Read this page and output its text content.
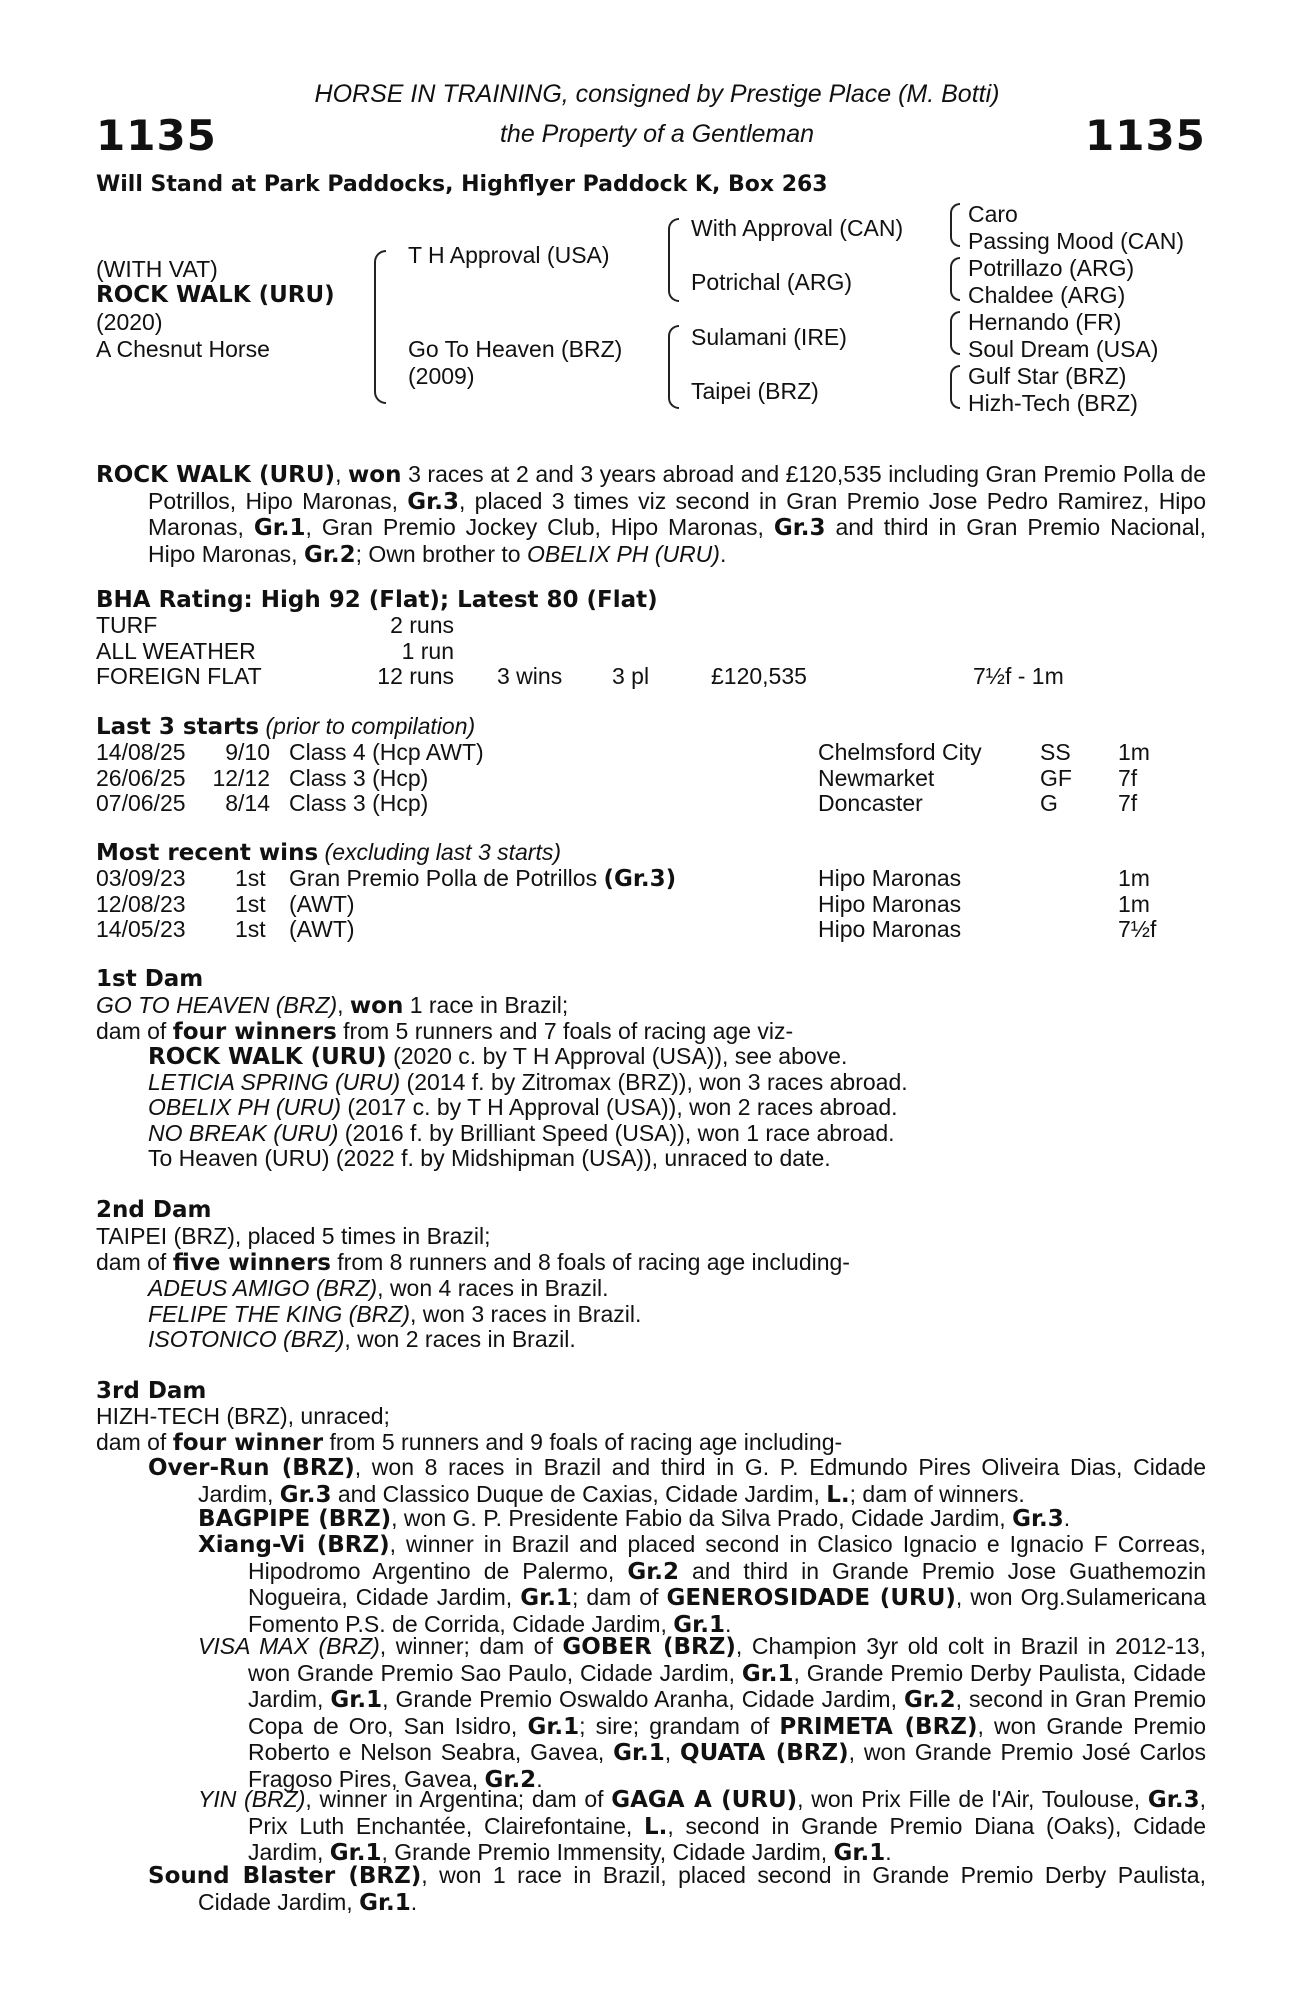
1135	1135
HORSE IN TRAINING, consigned by Prestige Place (M. Botti)
the Property of a Gentleman
Will Stand at Park Paddocks, Highflyer Paddock K, Box 263
(WITH VAT)
ROCK WALK (URU)
(2020)
A Chesnut Horse
T H Approval (USA)
Go To Heaven (BRZ)
(2009)
With Approval (CAN)
Potrichal (ARG)
Sulamani (IRE)
Taipei (BRZ)
Caro
Passing Mood (CAN)
Potrillazo (ARG)
Chaldee (ARG)
Hernando (FR)
Soul Dream (USA)
Gulf Star (BRZ)
Hizh-Tech (BRZ)
ROCK WALK (URU), won 3 races at 2 and 3 years abroad and £120,535 including Gran Premio Polla de Potrillos, Hipo Maronas, Gr.3, placed 3 times viz second in Gran Premio Jose Pedro Ramirez, Hipo Maronas, Gr.1, Gran Premio Jockey Club, Hipo Maronas, Gr.3 and third in Gran Premio Nacional, Hipo Maronas, Gr.2; Own brother to OBELIX PH (URU).
BHA Rating: High 92 (Flat); Latest 80 (Flat)
TURF	2 runs
ALL WEATHER	1 run
FOREIGN FLAT	12 runs 3 wins 3 pl	£120,535	7½f - 1m
Last 3 starts (prior to compilation)
14/08/25	9/10 Class 4 (Hcp AWT)	Chelmsford City	SS 1m
26/06/25	12/12 Class 3 (Hcp)	Newmarket	GF 7f
07/06/25	8/14 Class 3 (Hcp)	Doncaster	G	7f
Most recent wins (excluding last 3 starts)
03/09/23 1st Gran Premio Polla de Potrillos (Gr.3)	Hipo Maronas	1m
12/08/23 1st (AWT)	Hipo Maronas	1m
14/05/23 1st (AWT)	Hipo Maronas	7½f
1st Dam
GO TO HEAVEN (BRZ), won 1 race in Brazil;
dam of four winners from 5 runners and 7 foals of racing age viz-
ROCK WALK (URU) (2020 c. by T H Approval (USA)), see above.
LETICIA SPRING (URU) (2014 f. by Zitromax (BRZ)), won 3 races abroad.
OBELIX PH (URU) (2017 c. by T H Approval (USA)), won 2 races abroad.
NO BREAK (URU) (2016 f. by Brilliant Speed (USA)), won 1 race abroad.
To Heaven (URU) (2022 f. by Midshipman (USA)), unraced to date.
2nd Dam
TAIPEI (BRZ), placed 5 times in Brazil;
dam of five winners from 8 runners and 8 foals of racing age including-
ADEUS AMIGO (BRZ), won 4 races in Brazil.
FELIPE THE KING (BRZ), won 3 races in Brazil.
ISOTONICO (BRZ), won 2 races in Brazil.
3rd Dam
HIZH-TECH (BRZ), unraced;
dam of four winner from 5 runners and 9 foals of racing age including-
Over-Run (BRZ), won 8 races in Brazil and third in G. P. Edmundo Pires Oliveira Dias, Cidade Jardim, Gr.3 and Classico Duque de Caxias, Cidade Jardim, L.; dam of winners.
BAGPIPE (BRZ), won G. P. Presidente Fabio da Silva Prado, Cidade Jardim, Gr.3.
Xiang-Vi (BRZ), winner in Brazil and placed second in Clasico Ignacio e Ignacio F Correas, Hipodromo Argentino de Palermo, Gr.2 and third in Grande Premio Jose Guathemozin Nogueira, Cidade Jardim, Gr.1; dam of GENEROSIDADE (URU), won Org.Sulamericana Fomento P.S. de Corrida, Cidade Jardim, Gr.1.
VISA MAX (BRZ), winner; dam of GOBER (BRZ), Champion 3yr old colt in Brazil in 2012-13, won Grande Premio Sao Paulo, Cidade Jardim, Gr.1, Grande Premio Derby Paulista, Cidade Jardim, Gr.1, Grande Premio Oswaldo Aranha, Cidade Jardim, Gr.2, second in Gran Premio Copa de Oro, San Isidro, Gr.1; sire; grandam of PRIMETA (BRZ), won Grande Premio Roberto e Nelson Seabra, Gavea, Gr.1, QUATA (BRZ), won Grande Premio José Carlos Fragoso Pires, Gavea, Gr.2.
YIN (BRZ), winner in Argentina; dam of GAGA A (URU), won Prix Fille de l'Air, Toulouse, Gr.3, Prix Luth Enchantée, Clairefontaine, L., second in Grande Premio Diana (Oaks), Cidade Jardim, Gr.1, Grande Premio Immensity, Cidade Jardim, Gr.1.
Sound Blaster (BRZ), won 1 race in Brazil, placed second in Grande Premio Derby Paulista, Cidade Jardim, Gr.1.
